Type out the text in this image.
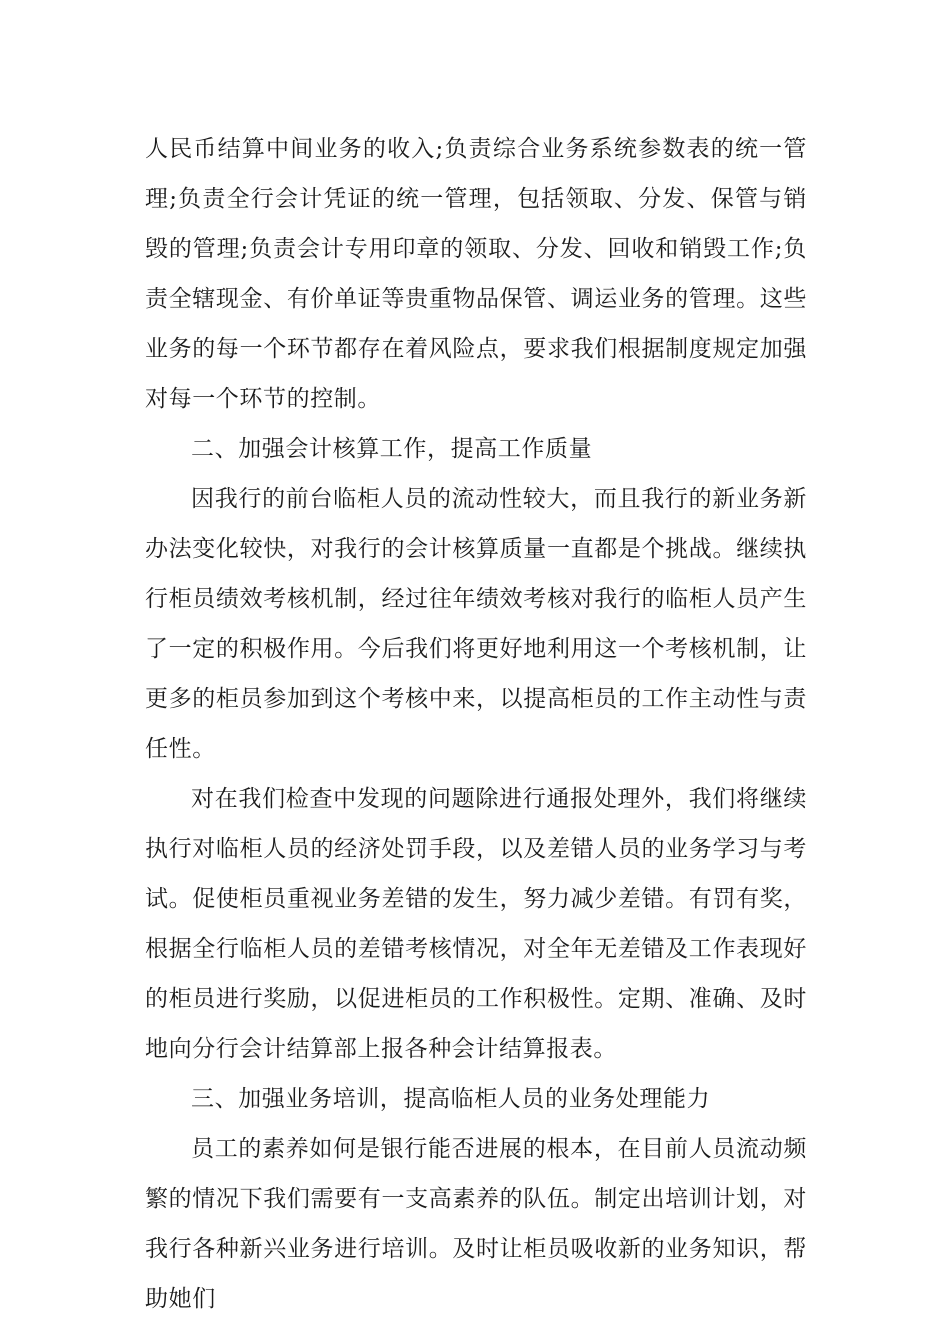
人民币结算中间业务的收入;负责综合业务系统参数表的统一管理;负责全行会计凭证的统一管理，包括领取、分发、保管与销毁的管理;负责会计专用印章的领取、分发、回收和销毁工作;负责全辖现金、有价单证等贵重物品保管、调运业务的管理。这些业务的每一个环节都存在着风险点，要求我们根据制度规定加强对每一个环节的控制。

二、加强会计核算工作，提高工作质量

因我行的前台临柜人员的流动性较大，而且我行的新业务新办法变化较快，对我行的会计核算质量一直都是个挑战。继续执行柜员绩效考核机制，经过往年绩效考核对我行的临柜人员产生了一定的积极作用。今后我们将更好地利用这一个考核机制，让更多的柜员参加到这个考核中来，以提高柜员的工作主动性与责任性。

对在我们检查中发现的问题除进行通报处理外，我们将继续执行对临柜人员的经济处罚手段，以及差错人员的业务学习与考试。促使柜员重视业务差错的发生，努力减少差错。有罚有奖，根据全行临柜人员的差错考核情况，对全年无差错及工作表现好的柜员进行奖励，以促进柜员的工作积极性。定期、准确、及时地向分行会计结算部上报各种会计结算报表。

三、加强业务培训，提高临柜人员的业务处理能力

员工的素养如何是银行能否进展的根本，在目前人员流动频繁的情况下我们需要有一支高素养的队伍。制定出培训计划，对我行各种新兴业务进行培训。及时让柜员吸收新的业务知识，帮助她们
